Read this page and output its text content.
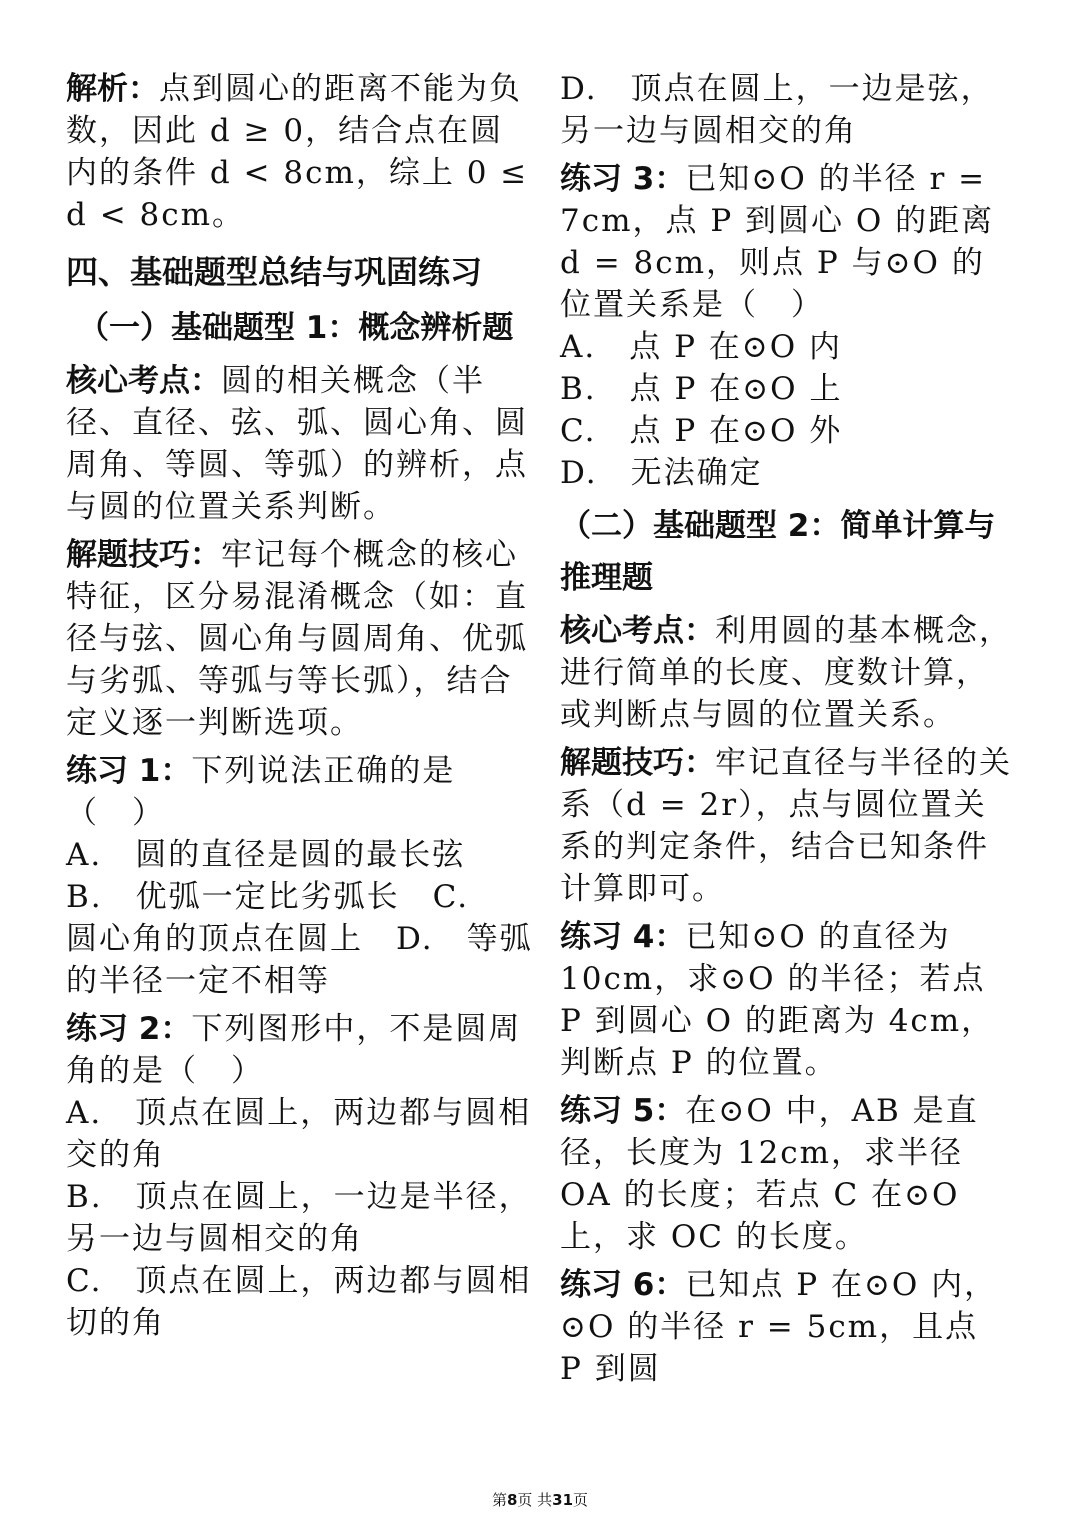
解析：点到圆心的距离不能为负数，因此 d ≥ 0，结合点在圆内的条件 d < 8cm，综上 0 ≤ d < 8cm。

四、基础题型总结与巩固练习
（一）基础题型 1：概念辨析题

核心考点：圆的相关概念（半径、直径、弦、弧、圆心角、圆周角、等圆、等弧）的辨析，点与圆的位置关系判断。

解题技巧：牢记每个概念的核心特征，区分易混淆概念（如：直径与弦、圆心角与圆周角、优弧与劣弧、等弧与等长弧），结合定义逐一判断选项。

练习 1：下列说法正确的是（　）

A.　圆的直径是圆的最长弦　B.　优弧一定比劣弧长　C.　圆心角的顶点在圆上　D.　等弧的半径一定不相等

练习 2：下列图形中，不是圆周角的是（　）

A.　顶点在圆上，两边都与圆相交的角

B.　顶点在圆上，一边是半径，另一边与圆相交的角

C.　顶点在圆上，两边都与圆相切的角

D.　顶点在圆上，一边是弦，另一边与圆相交的角

练习 3：已知⊙O 的半径 r = 7cm，点 P 到圆心 O 的距离 d = 8cm，则点 P 与⊙O 的位置关系是（　）

A.　点 P 在⊙O 内

B.　点 P 在⊙O 上

C.　点 P 在⊙O 外

D.　无法确定

（二）基础题型 2：简单计算与推理题

核心考点：利用圆的基本概念，进行简单的长度、度数计算，或判断点与圆的位置关系。

解题技巧：牢记直径与半径的关系（d = 2r），点与圆位置关系的判定条件，结合已知条件计算即可。

练习 4：已知⊙O 的直径为 10cm，求⊙O 的半径；若点 P 到圆心 O 的距离为 4cm，判断点 P 的位置。

练习 5：在⊙O 中，AB 是直径，长度为 12cm，求半径 OA 的长度；若点 C 在⊙O 上，求 OC 的长度。

练习 6：已知点 P 在⊙O 内，⊙O 的半径 r = 5cm，且点 P 到圆

第8页 共31页
